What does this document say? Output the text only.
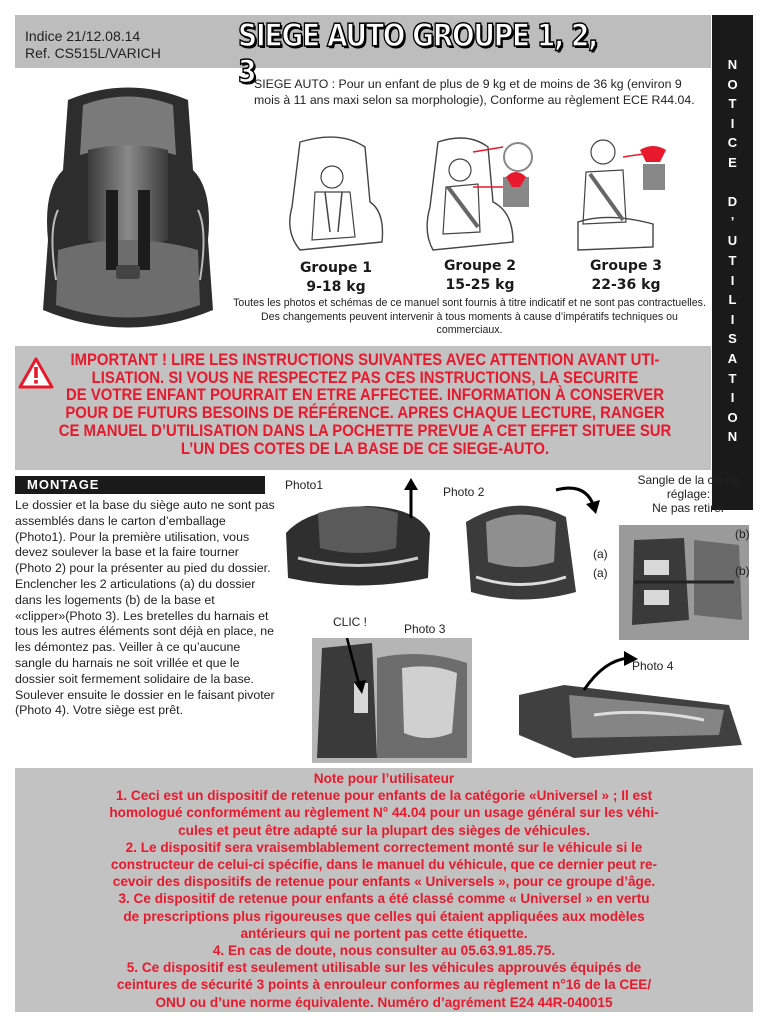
Indice 21/12.08.14
Ref. CS515L/VARICH SIEGE AUTO GROUPE 1, 2, 3	N
O
T
I
C
E

D
’
U
T
I
L
I
S
A
T
I
O
N
SIEGE AUTO : Pour un enfant de plus de 9 kg et de moins de 36 kg (environ 9 mois à 11 ans maxi selon sa morphologie), Conforme au règlement ECE R44.04.
Groupe 1
9-18 kg
Groupe 2
15-25 kg
Groupe 3
22-36 kg
Toutes les photos et schémas de ce manuel sont fournis à titre indicatif et ne sont pas contractuelles. Des changements peuvent intervenir à tous moments à cause d’impératifs techniques ou commerciaux.
IMPORTANT ! LIRE LES INSTRUCTIONS SUIVANTES AVEC ATTENTION AVANT UTI-
LISATION. SI VOUS NE RESPECTEZ PAS CES INSTRUCTIONS, LA SECURITE
DE VOTRE ENFANT POURRAIT EN ETRE AFFECTEE. INFORMATION À CONSERVER
POUR DE FUTURS BESOINS DE RÉFÉRENCE. APRES CHAQUE LECTURE, RANGER
CE MANUEL D’UTILISATION DANS LA POCHETTE PREVUE A CET EFFET SITUEE SUR
L’UN DES COTES DE LA BASE DE CE SIEGE-AUTO.
MONTAGE
Le dossier et la base du siège auto ne sont pas assemblés dans le carton d’emballage (Photo1). Pour la première utilisation, vous devez soulever la base et la faire tourner (Photo 2) pour la présenter au pied du dossier. Enclencher les 2 articulations (a) du dossier dans les logements (b) de la base et «clipper»(Photo 3). Les bretelles du harnais et tous les autres éléments sont déjà en place, ne les démontez pas. Veiller à ce qu’aucune sangle du harnais ne soit vrillée et que le dossier soit fermement solidaire de la base. Soulever ensuite le dossier en le faisant pivoter (Photo 4). Votre siège est prêt.
Photo1	Photo 2
Sangle de la clé de
réglage:
Ne pas retirer
(b)
(a)
(a)	(b)
CLIC !	Photo 3
Photo 4

Note pour l’utilisateur

1. Ceci est un dispositif de retenue pour enfants de la catégorie «Universel » ; Il est

homologué conformément au règlement N° 44.04 pour un usage général sur les véhi-

cules et peut être adapté sur la plupart des sièges de véhicules.

2. Le dispositif sera vraisemblablement correctement monté sur le véhicule si le

constructeur de celui-ci spécifie, dans le manuel du véhicule, que ce dernier peut re-

cevoir des dispositifs de retenue pour enfants « Universels », pour ce groupe d’âge.

3. Ce dispositif de retenue pour enfants a été classé comme « Universel » en vertu

de prescriptions plus rigoureuses que celles qui étaient appliquées aux modèles

antérieurs qui ne portent pas cette étiquette.

4. En cas de doute, nous consulter au 05.63.91.85.75.

5. Ce dispositif est seulement utilisable sur les véhicules approuvés équipés de

ceintures de sécurité 3 points à enrouleur conformes au règlement n°16 de la CEE/

ONU ou d’une norme équivalente. Numéro d’agrément E24 44R-040015
